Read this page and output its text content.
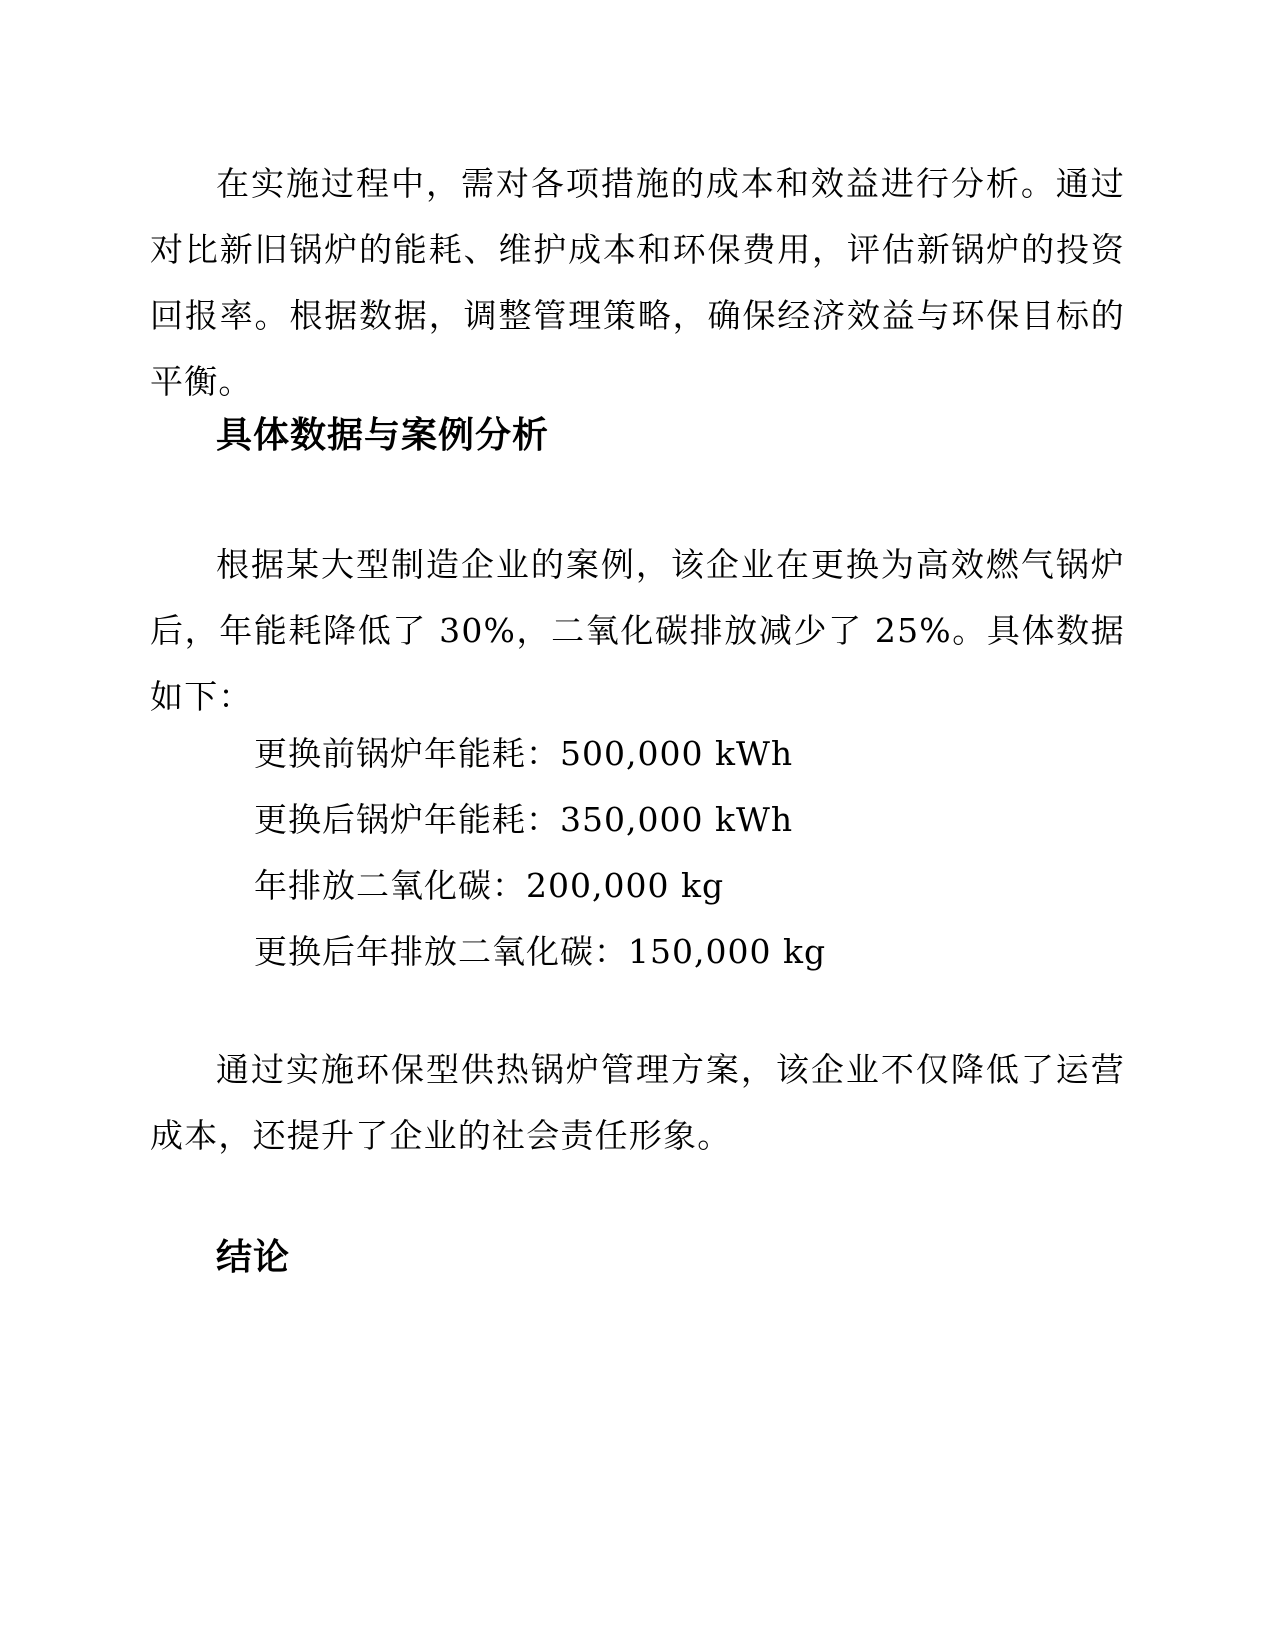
在实施过程中，需对各项措施的成本和效益进行分析。通过对比新旧锅炉的能耗、维护成本和环保费用，评估新锅炉的投资回报率。根据数据，调整管理策略，确保经济效益与环保目标的平衡。

具体数据与案例分析

根据某大型制造企业的案例，该企业在更换为高效燃气锅炉后，年能耗降低了 30%，二氧化碳排放减少了 25%。具体数据如下：

更换前锅炉年能耗：500,000 kWh
更换后锅炉年能耗：350,000 kWh
年排放二氧化碳：200,000 kg
更换后年排放二氧化碳：150,000 kg

通过实施环保型供热锅炉管理方案，该企业不仅降低了运营成本，还提升了企业的社会责任形象。

结论
